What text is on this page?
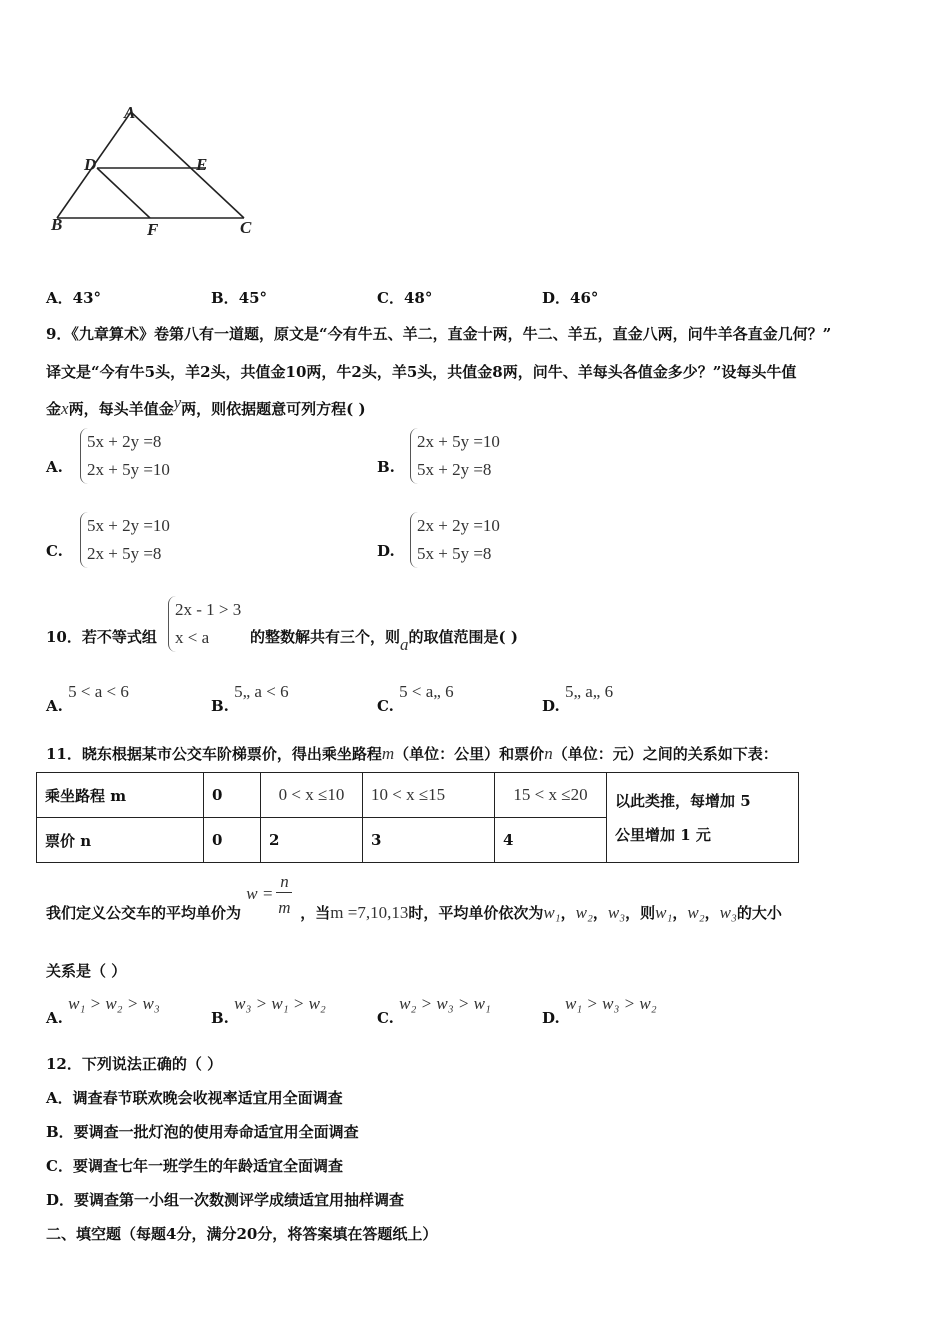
A
D	E
B	F	C
A．43°	B．45°	C．48°	D．46°
9．《九章算术》卷第八有一道题，原文是“今有牛五、羊二，直金十两，牛二、羊五，直金八两，问牛羊各直金几何？”
译文是“今有牛5头，羊2头，共值金10两，牛2头，羊5头，共值金8两，问牛、羊每头各值金多少？”设每头牛值
金x两，每头羊值金y两，则依据题意可列方程( )
A.
5x + 2y =8
2x + 5y =10	B.
2x + 5y =10
5x + 2y =8
C.
5x + 2y =10
2x + 5y =8	D.
2x + 2y =10
5x + 5y =8
10．若不等式组
2x - 1 > 3
x < a	的整数解共有三个，则a的取值范围是( )
A. 5 < a < 6
B. 5„ a < 6
C. 5 < a„ 6
D. 5„ a„ 6
11．晓东根据某市公交车阶梯票价，得出乘坐路程m（单位：公里）和票价n（单位：元）之间的关系如下表：
乘坐路程 m	0	0 < x ≤10	10 < x ≤15	15 < x ≤20	以此类推，每增加 5
公里增加 1 元

票价 n	0	2	3	4	
我们定义公交车的平均单价为
w =
n
m ，当m =7,10,13时，平均单价依次为w₁，w₂，w₃，则w₁，w₂，w₃的大小
关系是（ ）
A. w₁ > w₂ > w₃
B. w₃ > w₁ > w₂
C. w₂ > w₃ > w₁
D. w₁ > w₃ > w₂
12．下列说法正确的（ ）
A．调查春节联欢晚会收视率适宜用全面调查
B．要调查一批灯泡的使用寿命适宜用全面调查
C．要调查七年一班学生的年龄适宜全面调查
D．要调查第一小组一次数测评学成绩适宜用抽样调查
二、填空题（每题4分，满分20分，将答案填在答题纸上）
